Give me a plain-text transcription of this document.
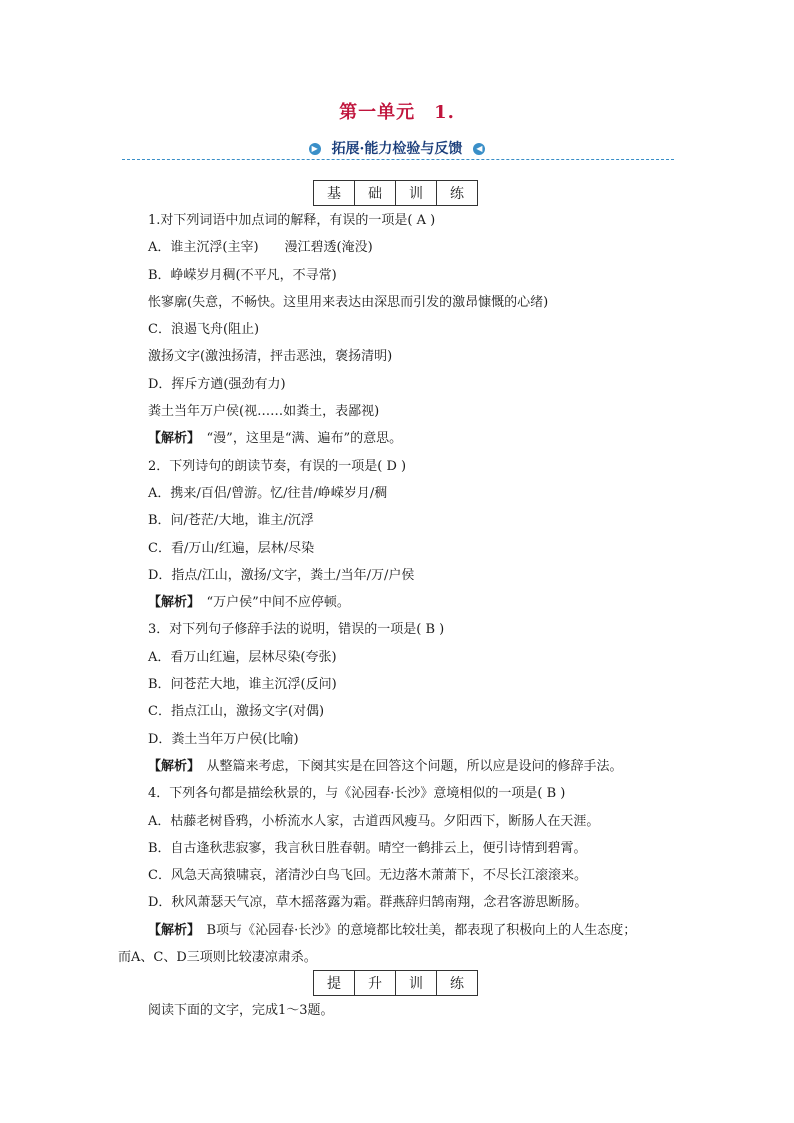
第一单元　1.
▶ 拓展·能力检验与反馈 ◀
基	础	训	练

1.对下列词语中加点词的解释，有误的一项是( A )

A．谁主沉浮(主宰)　　漫江碧透(淹没)

B．峥嵘岁月稠(不平凡，不寻常)

怅寥廓(失意，不畅快。这里用来表达由深思而引发的激昂慷慨的心绪)

C．浪遏飞舟(阻止)

激扬文字(激浊扬清，抨击恶浊，褒扬清明)

D．挥斥方遒(强劲有力)

粪土当年万户侯(视……如粪土，表鄙视)

【解析】　 “漫”，这里是“满、遍布”的意思。

2．下列诗句的朗读节奏，有误的一项是( D )

A．携来/百侣/曾游。忆/往昔/峥嵘岁月/稠

B．问/苍茫/大地，谁主/沉浮

C．看/万山/红遍，层林/尽染

D．指点/江山，激扬/文字，粪土/当年/万/户侯

【解析】　 “万户侯”中间不应停顿。

3．对下列句子修辞手法的说明，错误的一项是( B )

A．看万山红遍，层林尽染(夸张)

B．问苍茫大地，谁主沉浮(反问)

C．指点江山，激扬文字(对偶)

D．粪土当年万户侯(比喻)

【解析】　 从整篇来考虑，下阕其实是在回答这个问题，所以应是设问的修辞手法。

4．下列各句都是描绘秋景的，与《沁园春·长沙》意境相似的一项是( B )

A．枯藤老树昏鸦，小桥流水人家，古道西风瘦马。夕阳西下，断肠人在天涯。

B．自古逢秋悲寂寥，我言秋日胜春朝。晴空一鹤排云上，便引诗情到碧霄。

C．风急天高猿啸哀，渚清沙白鸟飞回。无边落木萧萧下，不尽长江滚滚来。

D．秋风萧瑟天气凉，草木摇落露为霜。群燕辞归鹄南翔，念君客游思断肠。

【解析】　 B项与《沁园春·长沙》的意境都比较壮美，都表现了积极向上的人生态度；

而A、C、D三项则比较凄凉肃杀。

提	升	训	练

阅读下面的文字，完成1～3题。
